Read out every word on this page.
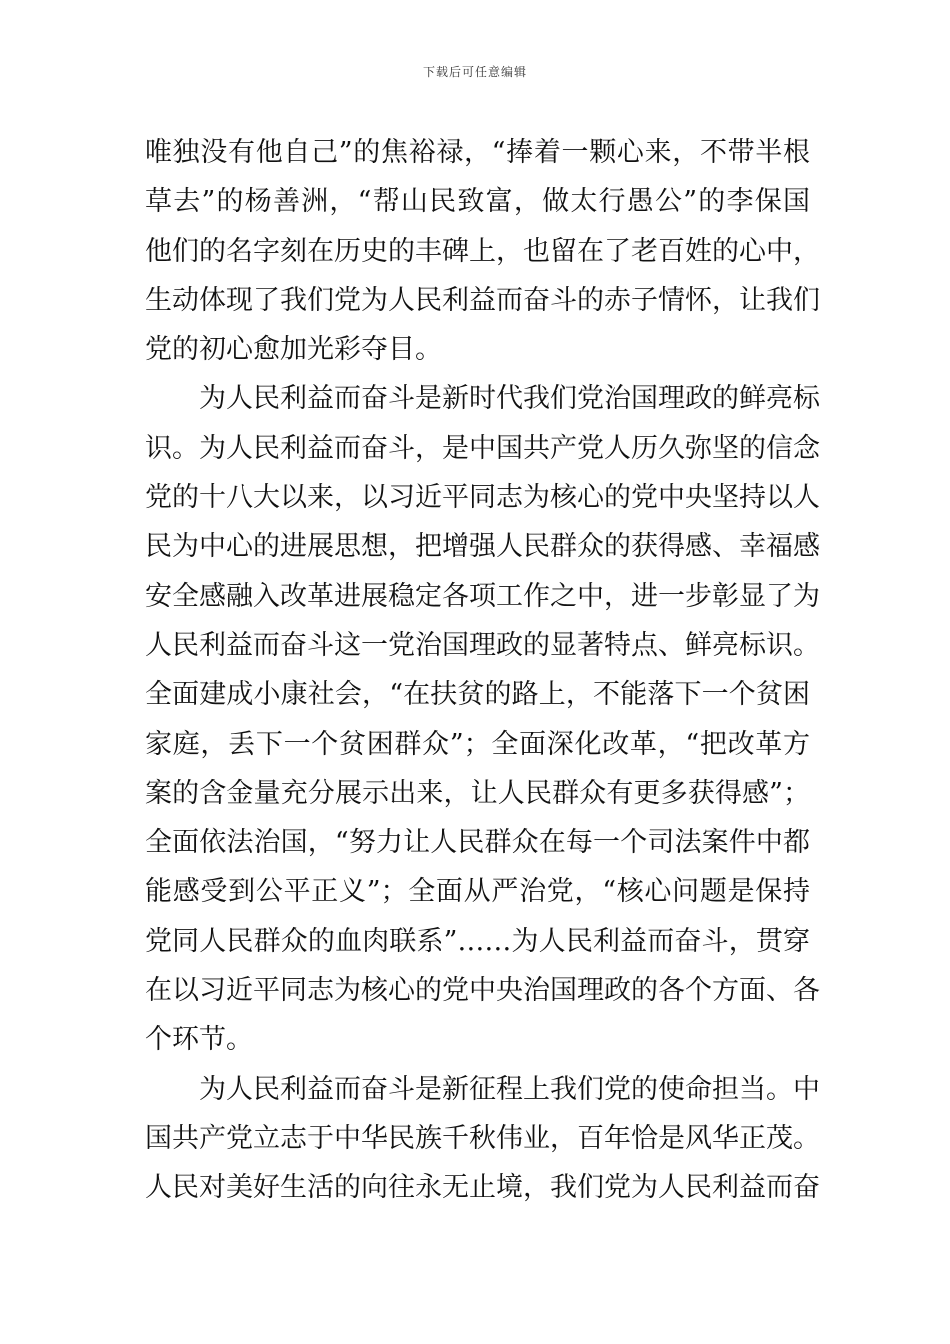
下载后可任意编辑
唯独没有他自己”的焦裕禄，“捧着一颗心来，不带半根
草去”的杨善洲，“帮山民致富，做太行愚公”的李保国
他们的名字刻在历史的丰碑上，也留在了老百姓的心中，
生动体现了我们党为人民利益而奋斗的赤子情怀，让我们
党的初心愈加光彩夺目。
为人民利益而奋斗是新时代我们党治国理政的鲜亮标
识。为人民利益而奋斗，是中国共产党人历久弥坚的信念
党的十八大以来，以习近平同志为核心的党中央坚持以人
民为中心的进展思想，把增强人民群众的获得感、幸福感
安全感融入改革进展稳定各项工作之中，进一步彰显了为
人民利益而奋斗这一党治国理政的显著特点、鲜亮标识。
全面建成小康社会，“在扶贫的路上，不能落下一个贫困
家庭，丢下一个贫困群众”；全面深化改革，“把改革方
案的含金量充分展示出来，让人民群众有更多获得感”；
全面依法治国，“努力让人民群众在每一个司法案件中都
能感受到公平正义”；全面从严治党，“核心问题是保持
党同人民群众的血肉联系”……为人民利益而奋斗，贯穿
在以习近平同志为核心的党中央治国理政的各个方面、各
个环节。
为人民利益而奋斗是新征程上我们党的使命担当。中
国共产党立志于中华民族千秋伟业，百年恰是风华正茂。
人民对美好生活的向往永无止境，我们党为人民利益而奋
